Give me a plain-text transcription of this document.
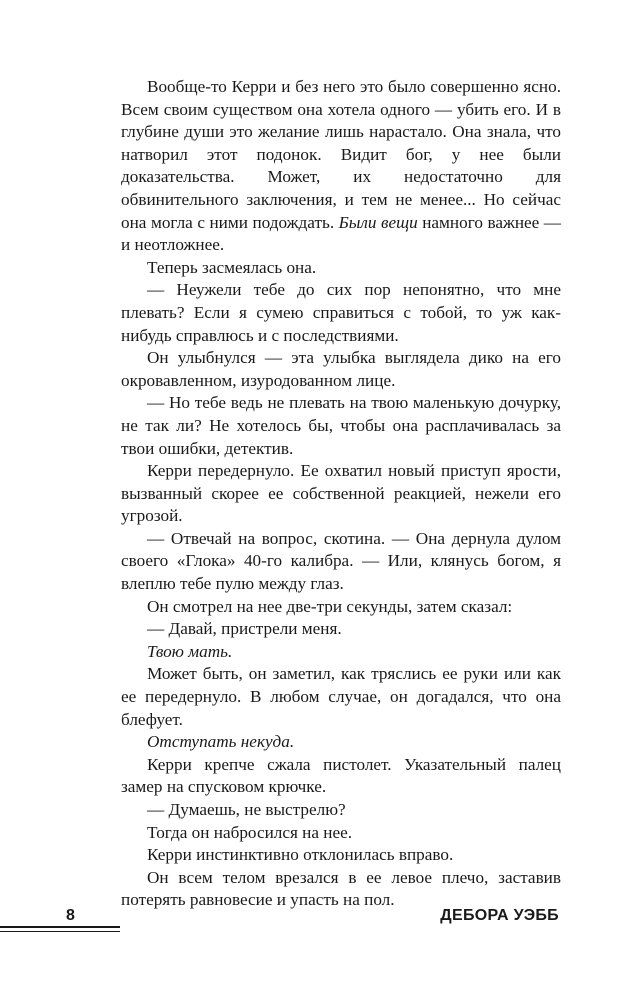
Вообще-то Керри и без него это было совершенно ясно. Всем своим существом она хотела одного — убить его. И в глубине души это желание лишь нарастало. Она знала, что натворил этот подонок. Видит бог, у нее были доказательства. Может, их недостаточно для обвинительного заключения, и тем не менее... Но сейчас она могла с ними подождать. Были вещи намного важнее — и неотложнее.

Теперь засмеялась она.

— Неужели тебе до сих пор непонятно, что мне плевать? Если я сумею справиться с тобой, то уж как-нибудь справлюсь и с последствиями.

Он улыбнулся — эта улыбка выглядела дико на его окровавленном, изуродованном лице.

— Но тебе ведь не плевать на твою маленькую дочурку, не так ли? Не хотелось бы, чтобы она расплачивалась за твои ошибки, детектив.

Керри передернуло. Ее охватил новый приступ ярости, вызванный скорее ее собственной реакцией, нежели его угрозой.

— Отвечай на вопрос, скотина. — Она дернула дулом своего «Глока» 40-го калибра. — Или, клянусь богом, я влеплю тебе пулю между глаз.

Он смотрел на нее две-три секунды, затем сказал:

— Давай, пристрели меня.

Твою мать.

Может быть, он заметил, как тряслись ее руки или как ее передернуло. В любом случае, он догадался, что она блефует.

Отступать некуда.

Керри крепче сжала пистолет. Указательный палец замер на спусковом крючке.

— Думаешь, не выстрелю?

Тогда он набросился на нее.

Керри инстинктивно отклонилась вправо.

Он всем телом врезался в ее левое плечо, заставив потерять равновесие и упасть на пол.

8	ДЕБОРА УЭББ
